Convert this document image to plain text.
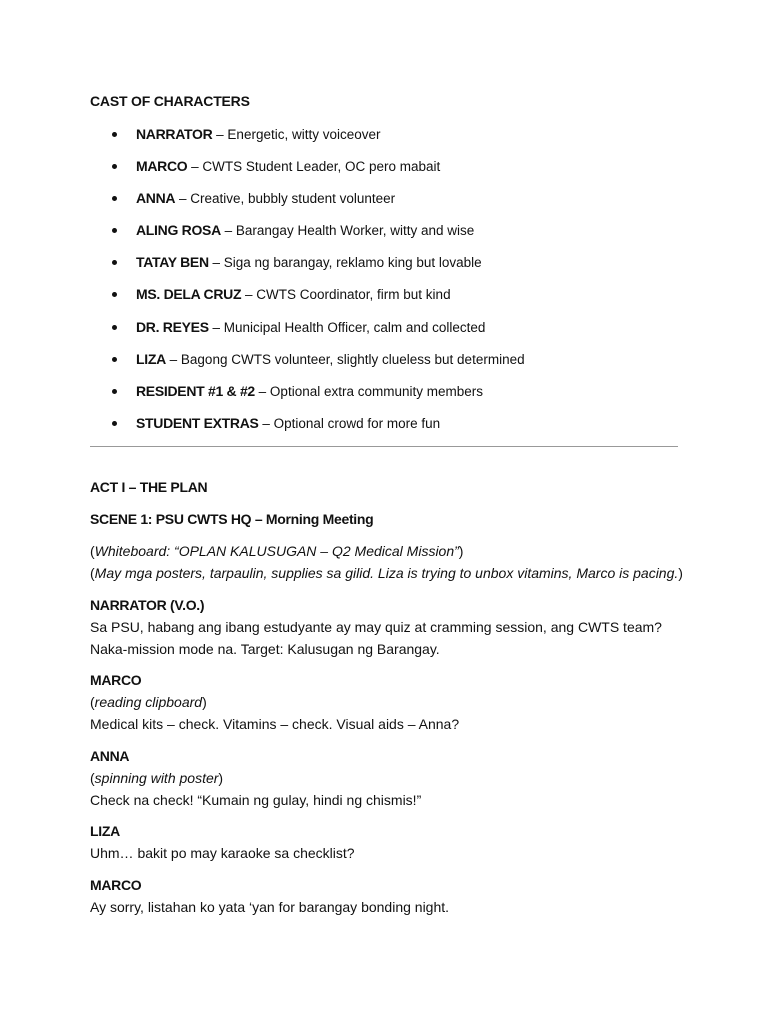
CAST OF CHARACTERS
NARRATOR – Energetic, witty voiceover
MARCO – CWTS Student Leader, OC pero mabait
ANNA – Creative, bubbly student volunteer
ALING ROSA – Barangay Health Worker, witty and wise
TATAY BEN – Siga ng barangay, reklamo king but lovable
MS. DELA CRUZ – CWTS Coordinator, firm but kind
DR. REYES – Municipal Health Officer, calm and collected
LIZA – Bagong CWTS volunteer, slightly clueless but determined
RESIDENT #1 & #2 – Optional extra community members
STUDENT EXTRAS – Optional crowd for more fun
ACT I – THE PLAN
SCENE 1: PSU CWTS HQ – Morning Meeting
(Whiteboard: “OPLAN KALUSUGAN – Q2 Medical Mission”)
(May mga posters, tarpaulin, supplies sa gilid. Liza is trying to unbox vitamins, Marco is pacing.)
NARRATOR (V.O.)
Sa PSU, habang ang ibang estudyante ay may quiz at cramming session, ang CWTS team? Naka-mission mode na. Target: Kalusugan ng Barangay.
MARCO
(reading clipboard)
Medical kits – check. Vitamins – check. Visual aids – Anna?
ANNA
(spinning with poster)
Check na check! “Kumain ng gulay, hindi ng chismis!”
LIZA
Uhm… bakit po may karaoke sa checklist?
MARCO
Ay sorry, listahan ko yata ‘yan for barangay bonding night.
